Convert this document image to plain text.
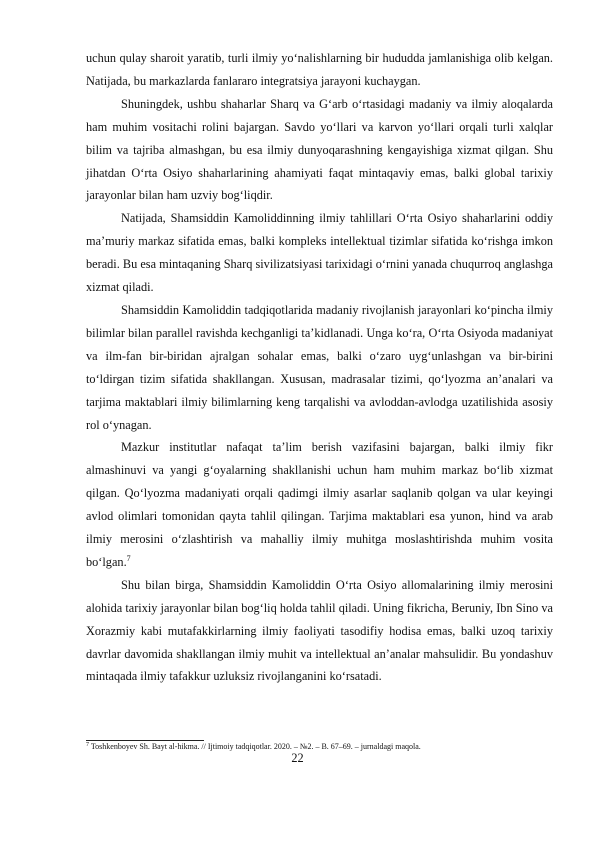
uchun qulay sharoit yaratib, turli ilmiy yo‘nalishlarning bir hududda jamlanishiga olib kelgan. Natijada, bu markazlarda fanlararo integratsiya jarayoni kuchaygan.

Shuningdek, ushbu shaharlar Sharq va G‘arb o‘rtasidagi madaniy va ilmiy aloqalarda ham muhim vositachi rolini bajargan. Savdo yo‘llari va karvon yo‘llari orqali turli xalqlar bilim va tajriba almashgan, bu esa ilmiy dunyoqarashning kengayishiga xizmat qilgan. Shu jihatdan O‘rta Osiyo shaharlarining ahamiyati faqat mintaqaviy emas, balki global tarixiy jarayonlar bilan ham uzviy bog‘liqdir.

Natijada, Shamsiddin Kamoliddinning ilmiy tahlillari O‘rta Osiyo shaharlarini oddiy ma’muriy markaz sifatida emas, balki kompleks intellektual tizimlar sifatida ko‘rishga imkon beradi. Bu esa mintaqaning Sharq sivilizatsiyasi tarixidagi o‘rnini yanada chuqurroq anglashga xizmat qiladi.

Shamsiddin Kamoliddin tadqiqotlarida madaniy rivojlanish jarayonlari ko‘pincha ilmiy bilimlar bilan parallel ravishda kechganligi ta’kidlanadi. Unga ko‘ra, O‘rta Osiyoda madaniyat va ilm-fan bir-biridan ajralgan sohalar emas, balki o‘zaro uyg‘unlashgan va bir-birini to‘ldirgan tizim sifatida shakllangan. Xususan, madrasalar tizimi, qo‘lyozma an’analari va tarjima maktablari ilmiy bilimlarning keng tarqalishi va avloddan-avlodga uzatilishida asosiy rol o‘ynagan.

Mazkur institutlar nafaqat ta’lim berish vazifasini bajargan, balki ilmiy fikr almashinuvi va yangi g‘oyalarning shakllanishi uchun ham muhim markaz bo‘lib xizmat qilgan. Qo‘lyozma madaniyati orqali qadimgi ilmiy asarlar saqlanib qolgan va ular keyingi avlod olimlari tomonidan qayta tahlil qilingan. Tarjima maktablari esa yunon, hind va arab ilmiy merosini o‘zlashtirish va mahalliy ilmiy muhitga moslashtirishda muhim vosita bo‘lgan.$^7$

Shu bilan birga, Shamsiddin Kamoliddin O‘rta Osiyo allomalarining ilmiy merosini alohida tarixiy jarayonlar bilan bog‘liq holda tahlil qiladi. Uning fikricha, Beruniy, Ibn Sino va Xorazmiy kabi mutafakkirlarning ilmiy faoliyati tasodifiy hodisa emas, balki uzoq tarixiy davrlar davomida shakllangan ilmiy muhit va intellektual an’analar mahsulidir. Bu yondashuv mintaqada ilmiy tafakkur uzluksiz rivojlanganini ko‘rsatadi.

$^7$ Toshkenboyev Sh. Bayt al-hikma. // Ijtimoiy tadqiqotlar. 2020. – №2. – B. 67–69. – jurnaldagi maqola.
22
